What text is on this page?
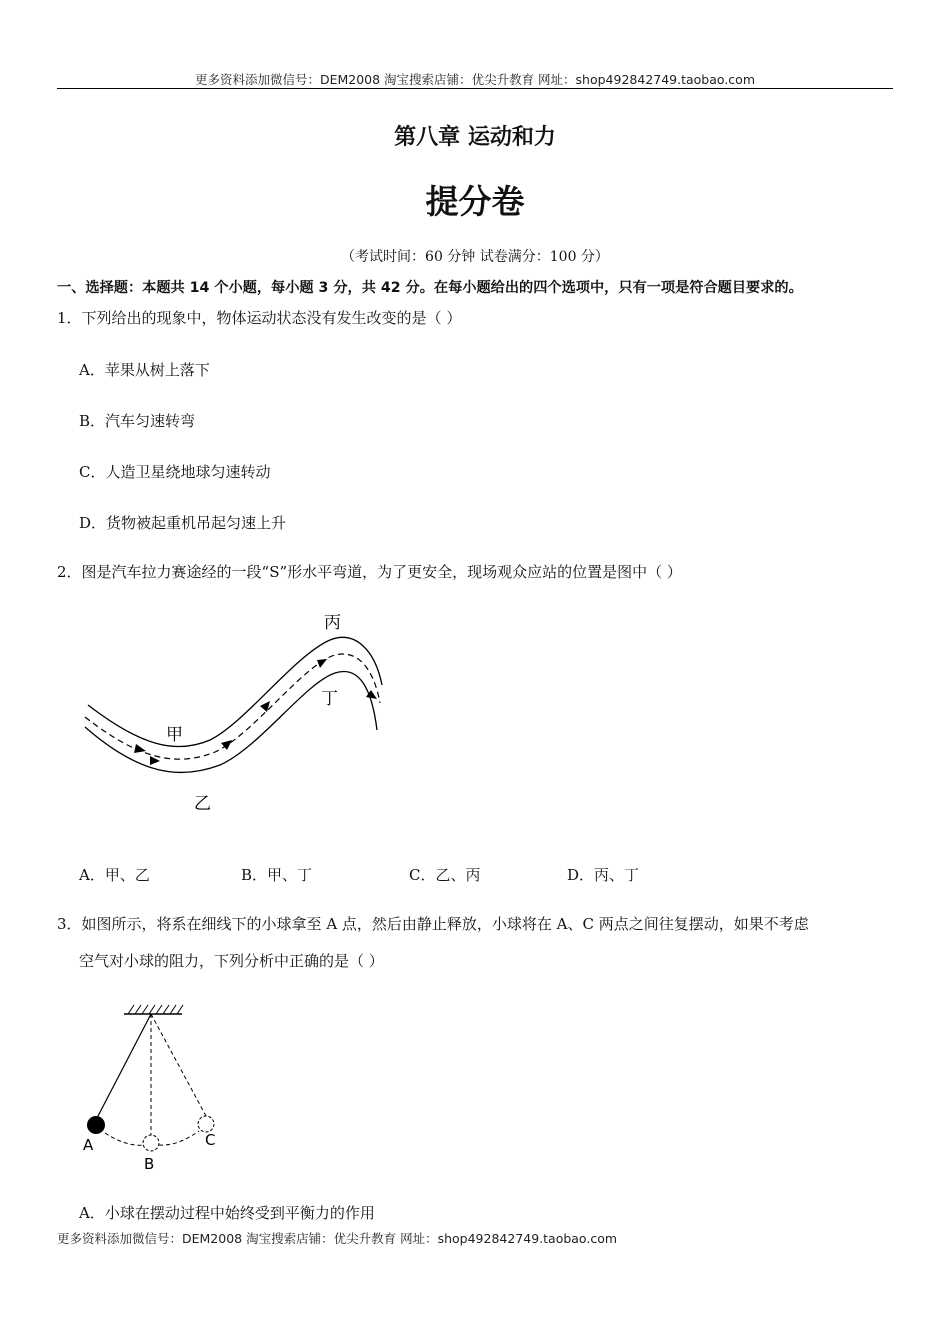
更多资料添加微信号：DEM2008 淘宝搜索店铺：优尖升教育 网址：shop492842749.taobao.com
第八章 运动和力
提分卷
（考试时间：60 分钟 试卷满分：100 分）
一、选择题：本题共 14 个小题，每小题 3 分，共 42 分。在每小题给出的四个选项中，只有一项是符合题目要求的。
1．下列给出的现象中，物体运动状态没有发生改变的是（ ）
A．苹果从树上落下
B．汽车匀速转弯
C．人造卫星绕地球匀速转动
D．货物被起重机吊起匀速上升
2．图是汽车拉力赛途经的一段“S”形水平弯道，为了更安全，现场观众应站的位置是图中（ ）
甲
乙
丙
丁
A．甲、乙	B．甲、丁	C．乙、丙	D．丙、丁
3．如图所示，将系在细线下的小球拿至 A 点，然后由静止释放，小球将在 A、C 两点之间往复摆动，如果不考虑
空气对小球的阻力，下列分析中正确的是（ ）
A
B
C
A．小球在摆动过程中始终受到平衡力的作用
更多资料添加微信号：DEM2008 淘宝搜索店铺：优尖升教育 网址：shop492842749.taobao.com
